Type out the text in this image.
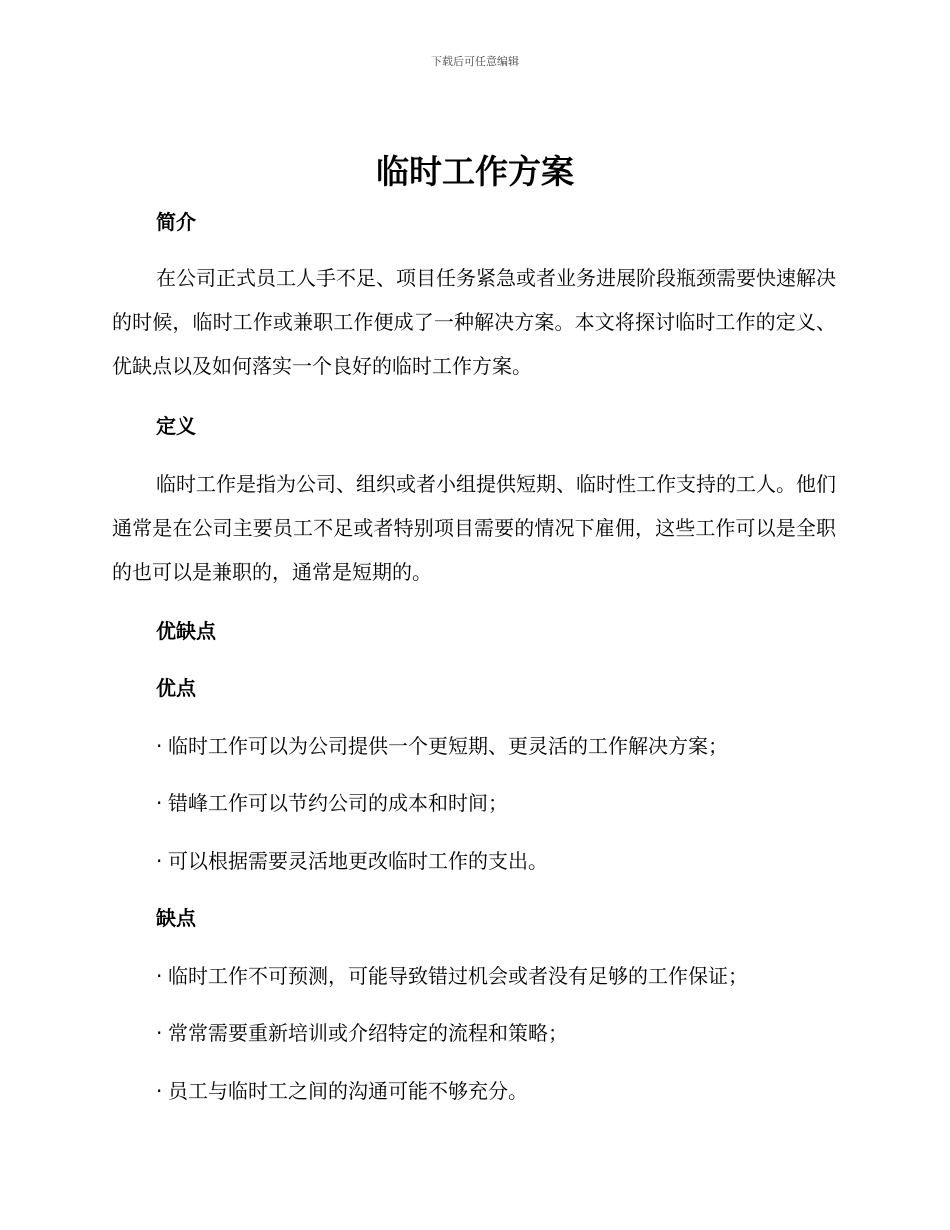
下载后可任意编辑
临时工作方案
简介

在公司正式员工人手不足、项目任务紧急或者业务进展阶段瓶颈需要快速解决的时候，临时工作或兼职工作便成了一种解决方案。本文将探讨临时工作的定义、优缺点以及如何落实一个良好的临时工作方案。

定义

临时工作是指为公司、组织或者小组提供短期、临时性工作支持的工人。他们通常是在公司主要员工不足或者特别项目需要的情况下雇佣，这些工作可以是全职的也可以是兼职的，通常是短期的。

优缺点
优点

· 临时工作可以为公司提供一个更短期、更灵活的工作解决方案；

· 错峰工作可以节约公司的成本和时间；

· 可以根据需要灵活地更改临时工作的支出。

缺点

· 临时工作不可预测，可能导致错过机会或者没有足够的工作保证；

· 常常需要重新培训或介绍特定的流程和策略；

· 员工与临时工之间的沟通可能不够充分。
